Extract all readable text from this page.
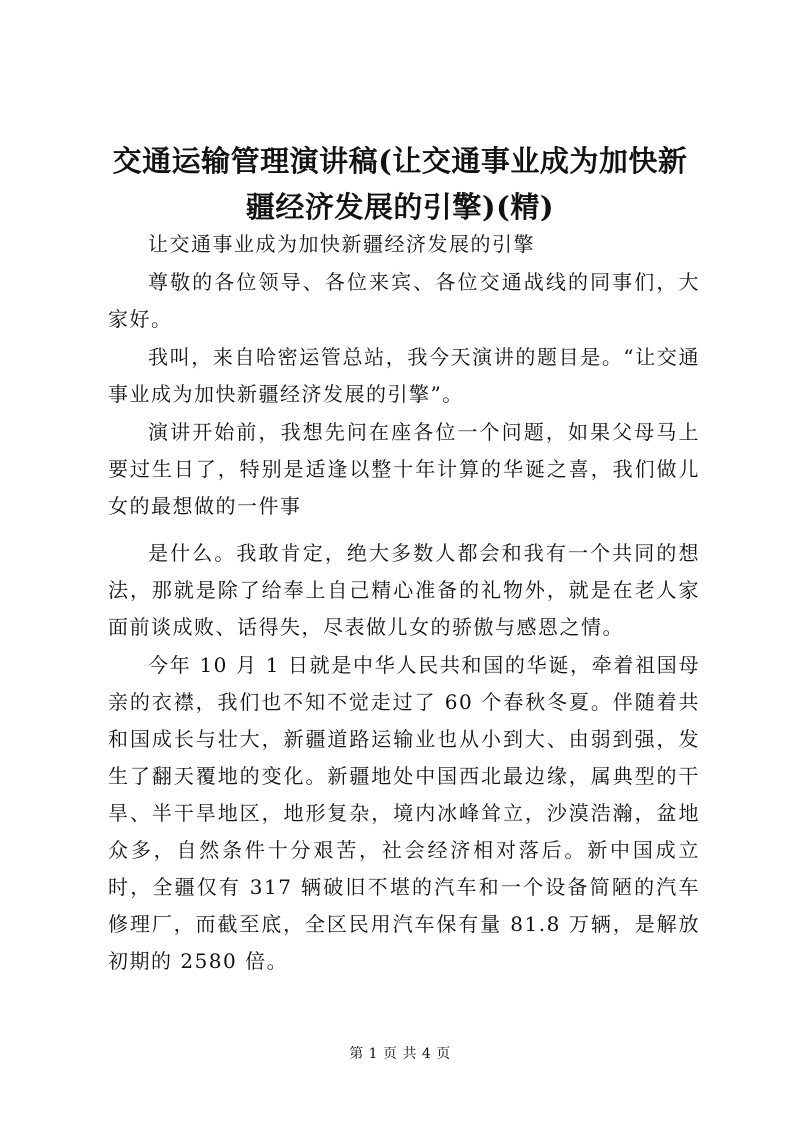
交通运输管理演讲稿(让交通事业成为加快新
疆经济发展的引擎)(精)

让交通事业成为加快新疆经济发展的引擎

尊敬的各位领导、各位来宾、各位交通战线的同事们，大家好。

我叫，来自哈密运管总站，我今天演讲的题目是。“让交通事业成为加快新疆经济发展的引擎”。

演讲开始前，我想先问在座各位一个问题，如果父母马上要过生日了，特别是适逢以整十年计算的华诞之喜，我们做儿女的最想做的一件事

是什么。我敢肯定，绝大多数人都会和我有一个共同的想法，那就是除了给奉上自己精心准备的礼物外，就是在老人家面前谈成败、话得失，尽表做儿女的骄傲与感恩之情。

今年 10 月 1 日就是中华人民共和国的华诞，牵着祖国母亲的衣襟，我们也不知不觉走过了 60 个春秋冬夏。伴随着共和国成长与壮大，新疆道路运输业也从小到大、由弱到强，发生了翻天覆地的变化。新疆地处中国西北最边缘，属典型的干旱、半干旱地区，地形复杂，境内冰峰耸立，沙漠浩瀚，盆地众多，自然条件十分艰苦，社会经济相对落后。新中国成立时，全疆仅有 317 辆破旧不堪的汽车和一个设备简陋的汽车修理厂，而截至底，全区民用汽车保有量 81.8 万辆，是解放初期的 2580 倍。

第 1 页 共 4 页
